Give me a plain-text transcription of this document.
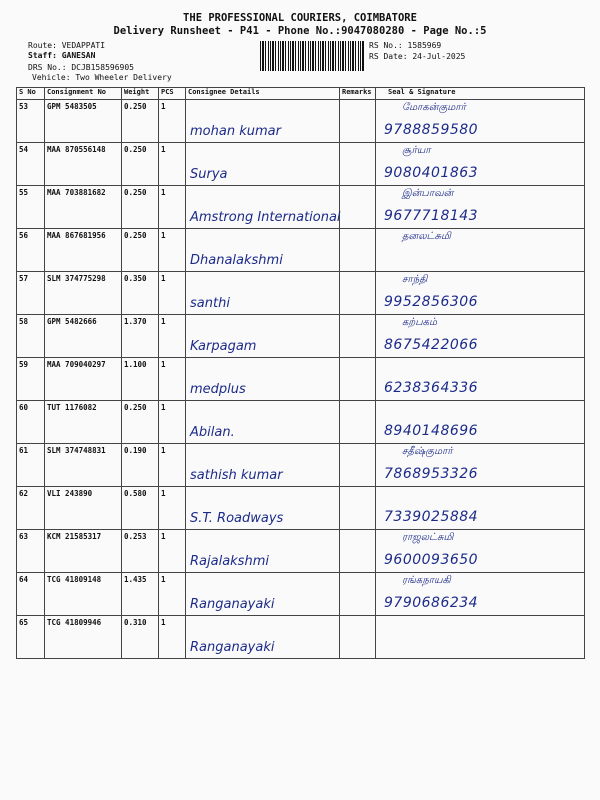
THE PROFESSIONAL COURIERS, COIMBATORE
Delivery Runsheet - P41 - Phone No.:9047080280 - Page No.:5
Route: VEDAPPATI
Staff: GANESAN
DRS No.: DCJB158596905
Vehicle: Two Wheeler Delivery
RS No.: 1585969
RS Date: 24-Jul-2025
S No	Consignment No	Weight	PCS	Consignee Details	Remarks	Seal & Signature
53	GPM 5483505	0.250	1	mohan kumar		மோகன்குமார்
9788859580

54	MAA 870556148	0.250	1	Surya		சூர்யா
9080401863

55	MAA 703881682	0.250	1	Amstrong International		இன்பாவன்
9677718143

56	MAA 867681956	0.250	1	Dhanalakshmi		தனலட்சுமி

57	SLM 374775298	0.350	1	santhi		சாந்தி
9952856306

58	GPM 5482666	1.370	1	Karpagam		கற்பகம்
8675422066

59	MAA 709040297	1.100	1	medplus		6238364336

60	TUT 1176082	0.250	1	Abilan.		8940148696

61	SLM 374748831	0.190	1	sathish kumar		சதீஷ்குமார்
7868953326

62	VLI 243890	0.580	1	S.T. Roadways		7339025884

63	KCM 21585317	0.253	1	Rajalakshmi		ராஜலட்சுமி
9600093650

64	TCG 41809148	1.435	1	Ranganayaki		ரங்கநாயகி
9790686234

65	TCG 41809946	0.310	1	Ranganayaki		
